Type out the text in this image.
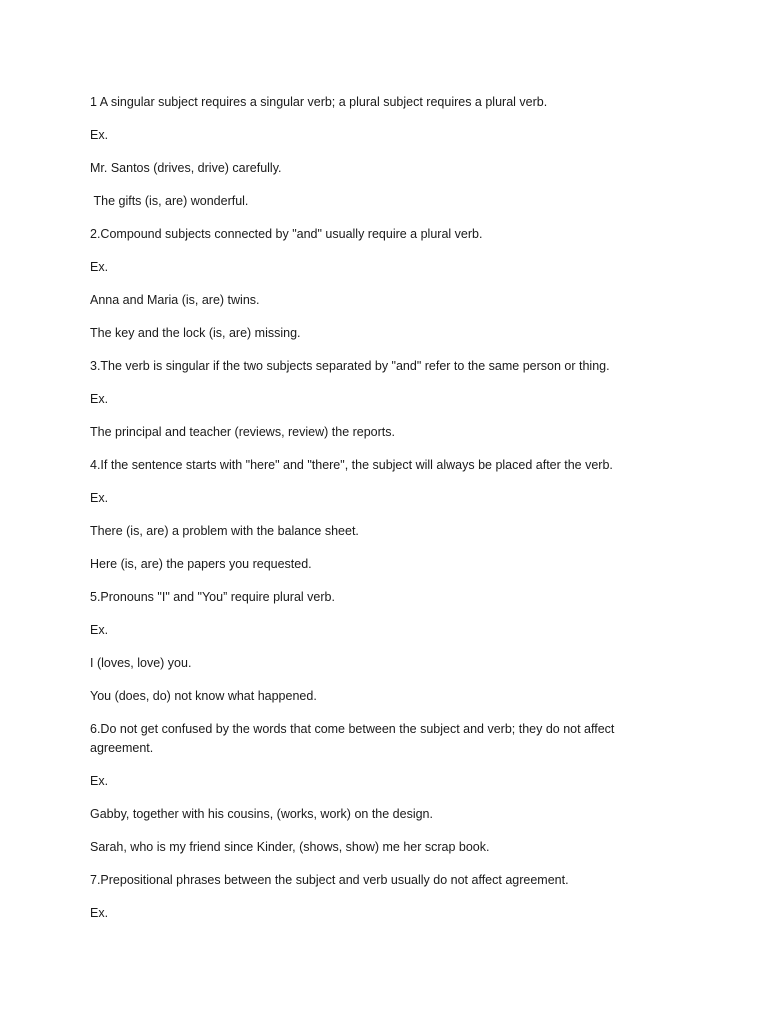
1 A singular subject requires a singular verb; a plural subject requires a plural verb.

Ex.

Mr. Santos (drives, drive) carefully.

The gifts (is, are) wonderful.

2.Compound subjects connected by "and" usually require a plural verb.

Ex.

Anna and Maria (is, are) twins.

The key and the lock (is, are) missing.

3.The verb is singular if the two subjects separated by "and" refer to the same person or thing.

Ex.

The principal and teacher (reviews, review) the reports.

4.If the sentence starts with "here" and "there", the subject will always be placed after the verb.

Ex.

There (is, are) a problem with the balance sheet.

Here (is, are) the papers you requested.

5.Pronouns "I" and "You” require plural verb.

Ex.

I (loves, love) you.

You (does, do) not know what happened.

6.Do not get confused by the words that come between the subject and verb; they do not affect agreement.

Ex.

Gabby, together with his cousins, (works, work) on the design.

Sarah, who is my friend since Kinder, (shows, show) me her scrap book.

7.Prepositional phrases between the subject and verb usually do not affect agreement.

Ex.
